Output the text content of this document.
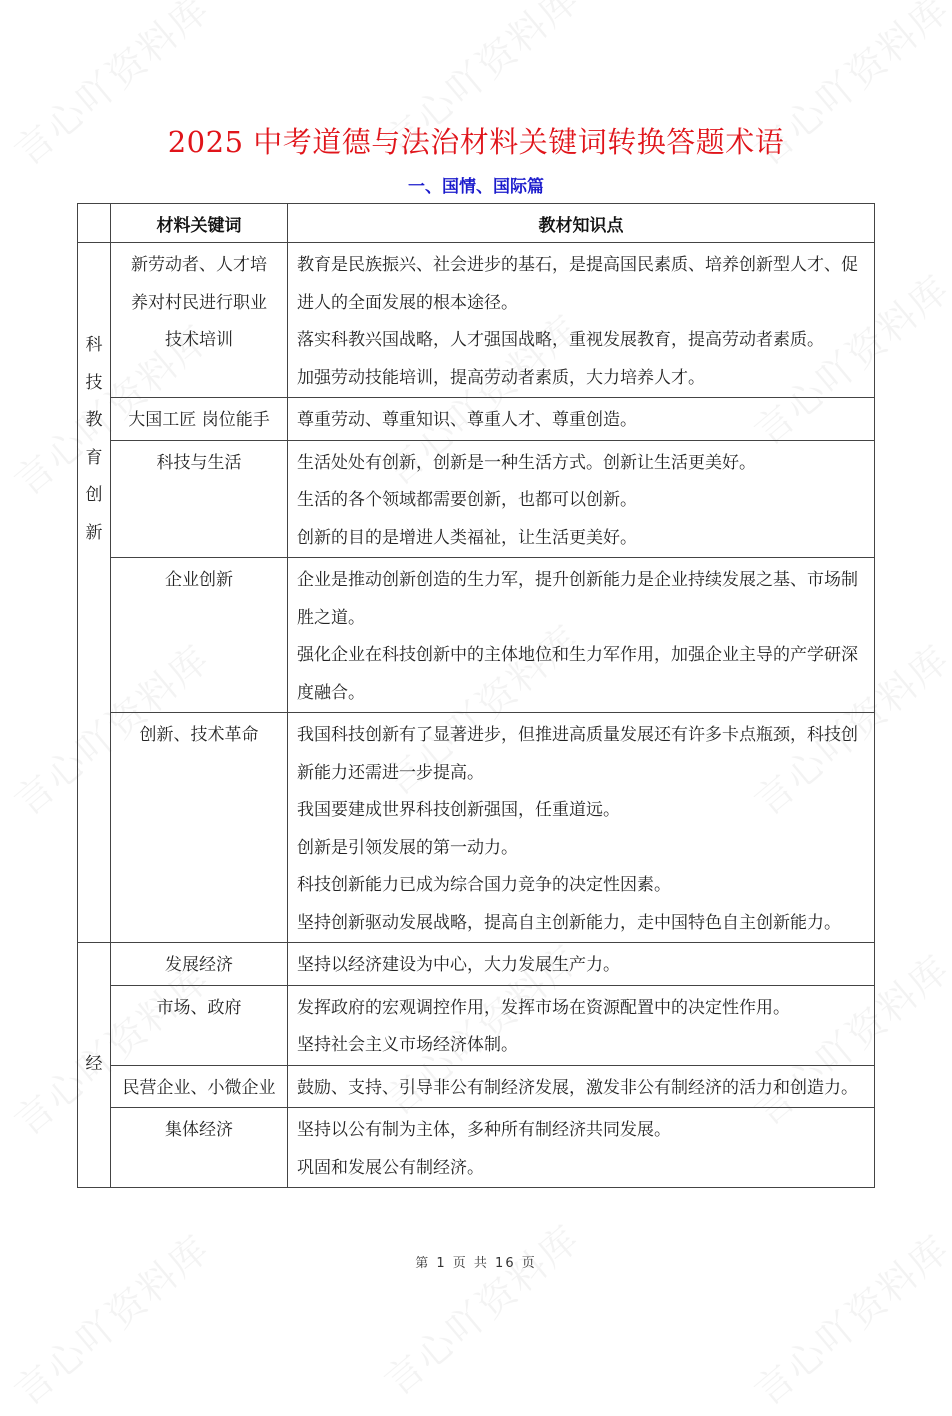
2025 中考道德与法治材料关键词转换答题术语
一、国情、国际篇
	材料关键词	教材知识点
科技教育创新	新劳动者、人才培养对村民进行职业技术培训	教育是民族振兴、社会进步的基石，是提高国民素质、培养创新型人才、促进人的全面发展的根本途径。
落实科教兴国战略，人才强国战略，重视发展教育，提高劳动者素质。
加强劳动技能培训，提高劳动者素质，大力培养人才。

	大国工匠 岗位能手	尊重劳动、尊重知识、尊重人才、尊重创造。

	科技与生活	生活处处有创新，创新是一种生活方式。创新让生活更美好。
生活的各个领域都需要创新，也都可以创新。
创新的目的是增进人类福祉，让生活更美好。

	企业创新	企业是推动创新创造的生力军，提升创新能力是企业持续发展之基、市场制胜之道。
强化企业在科技创新中的主体地位和生力军作用，加强企业主导的产学研深度融合。

	创新、技术革命	我国科技创新有了显著进步，但推进高质量发展还有许多卡点瓶颈，科技创新能力还需进一步提高。
我国要建成世界科技创新强国，任重道远。
创新是引领发展的第一动力。
科技创新能力已成为综合国力竞争的决定性因素。
坚持创新驱动发展战略，提高自主创新能力，走中国特色自主创新能力。

经	发展经济	坚持以经济建设为中心，大力发展生产力。

	市场、政府	发挥政府的宏观调控作用，发挥市场在资源配置中的决定性作用。
坚持社会主义市场经济体制。

	民营企业、小微企业	鼓励、支持、引导非公有制经济发展，激发非公有制经济的活力和创造力。

	集体经济	坚持以公有制为主体，多种所有制经济共同发展。
巩固和发展公有制经济。
第 1 页 共 16 页
